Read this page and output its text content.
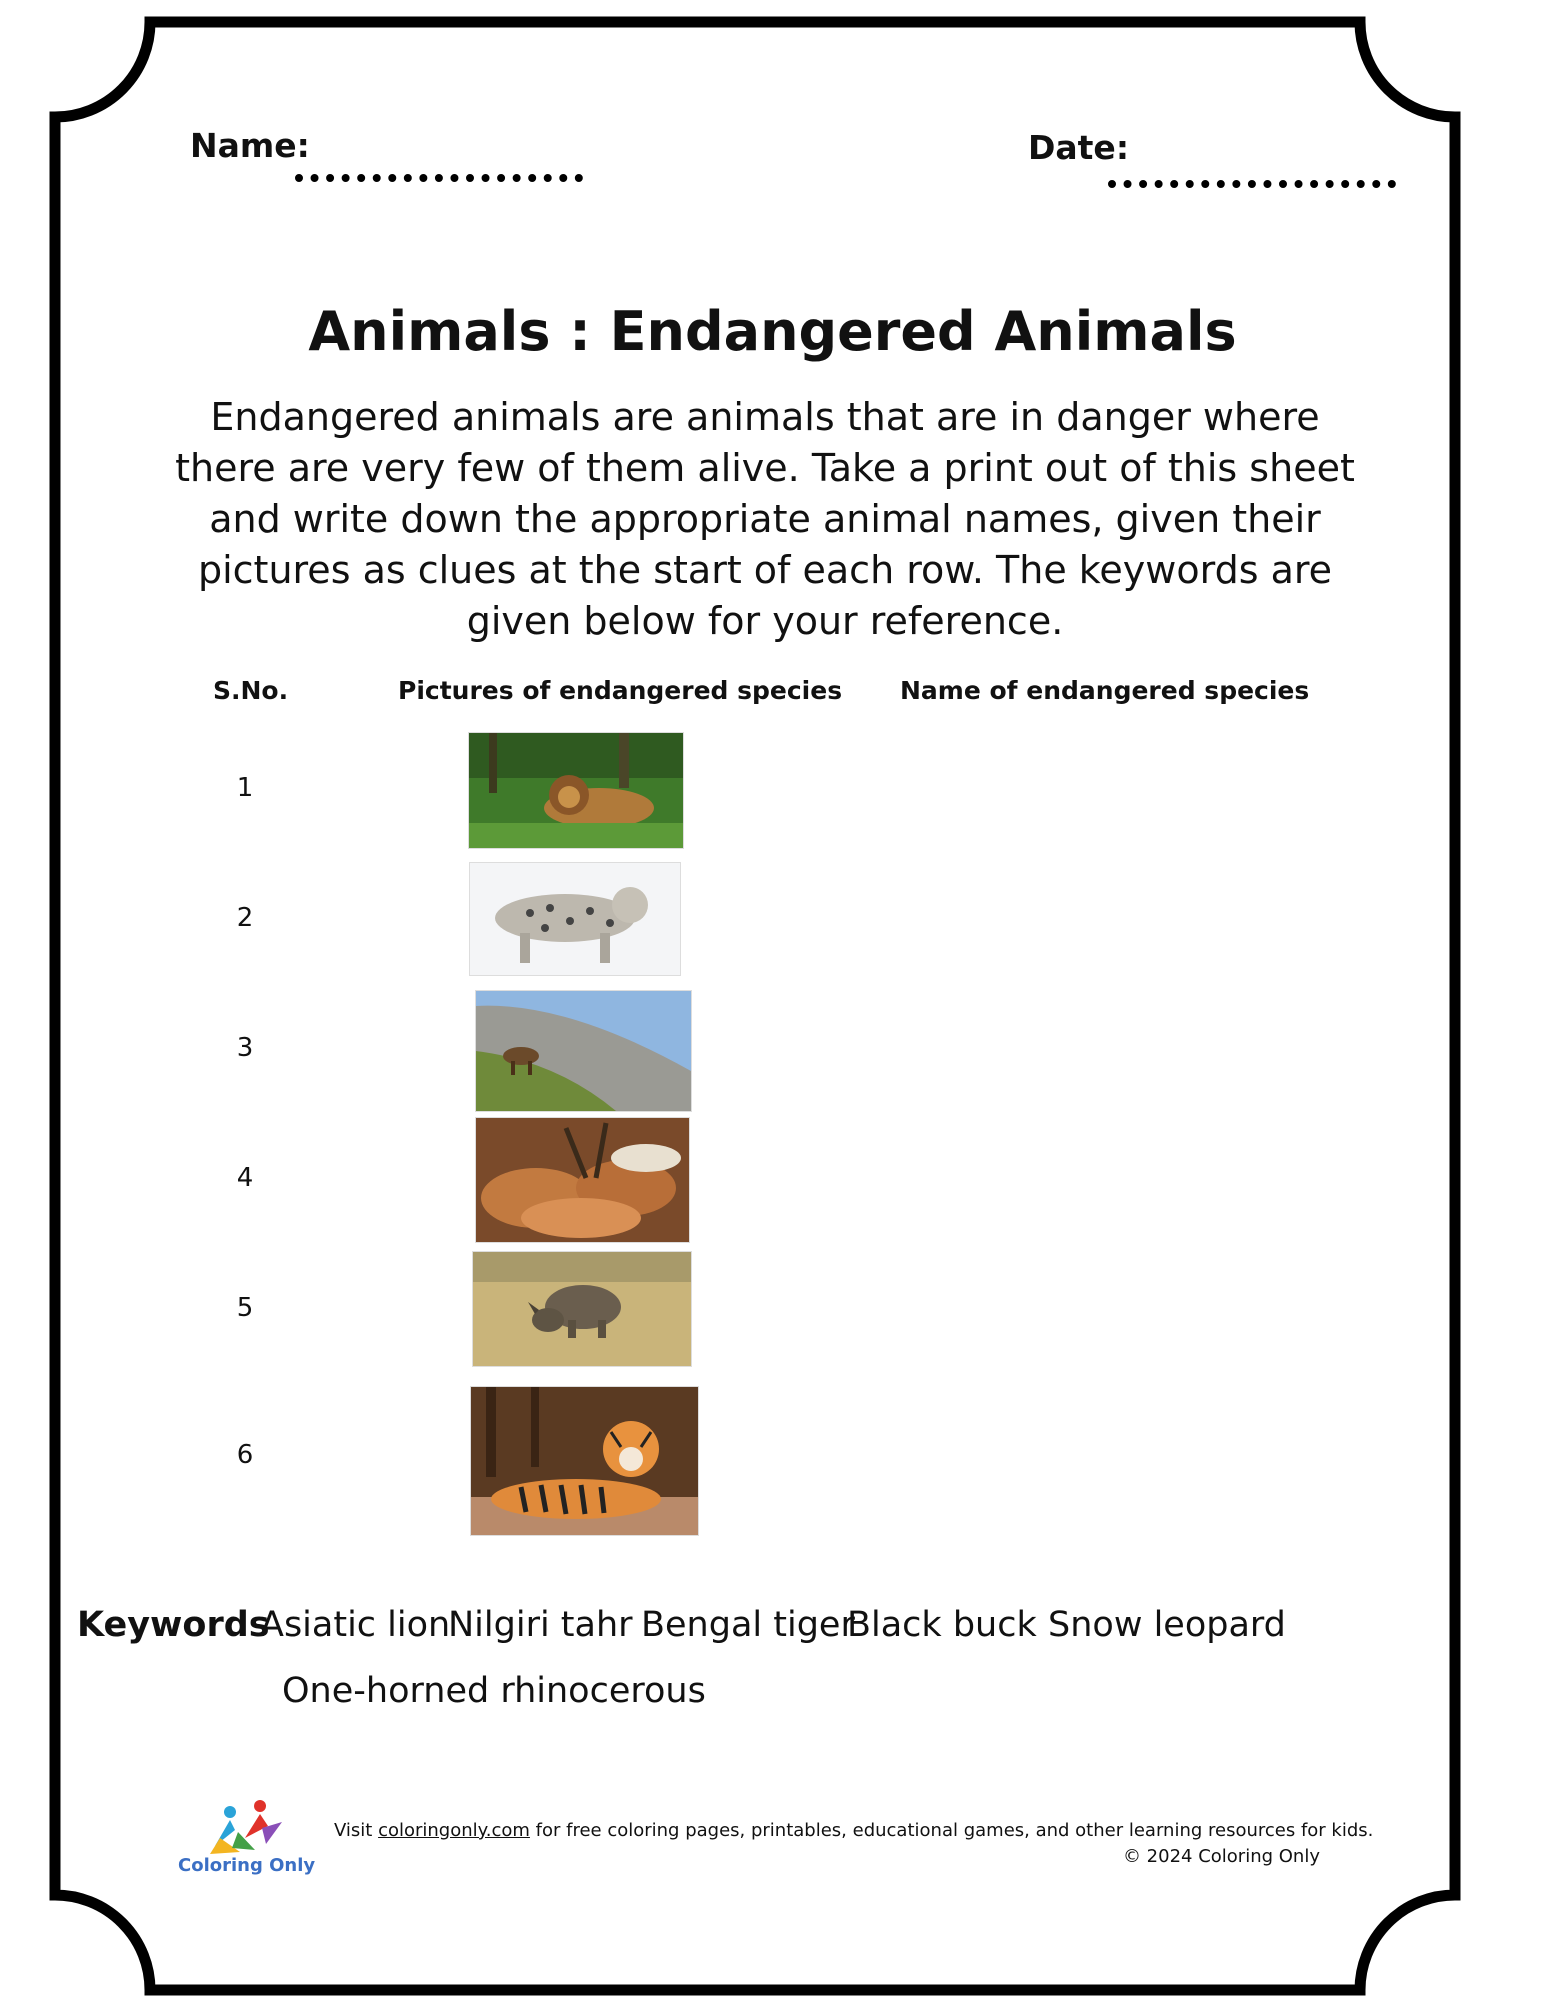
Name:	Date:
Animals : Endangered Animals
Endangered animals are animals that are in danger where there are very few of them alive. Take a print out of this sheet and write down the appropriate animal names, given their pictures as clues at the start of each row. The keywords are given below for your reference.
S.No.	Pictures of endangered species Name of endangered species
1
2
3
4
5
6
Keywords
Asiatic lion
Nilgiri tahr Bengal tiger
Black buck Snow leopard
One-horned rhinocerous
Coloring Only
Visit coloringonly.com for free coloring pages, printables, educational games, and other learning resources for kids.
© 2024 Coloring Only
